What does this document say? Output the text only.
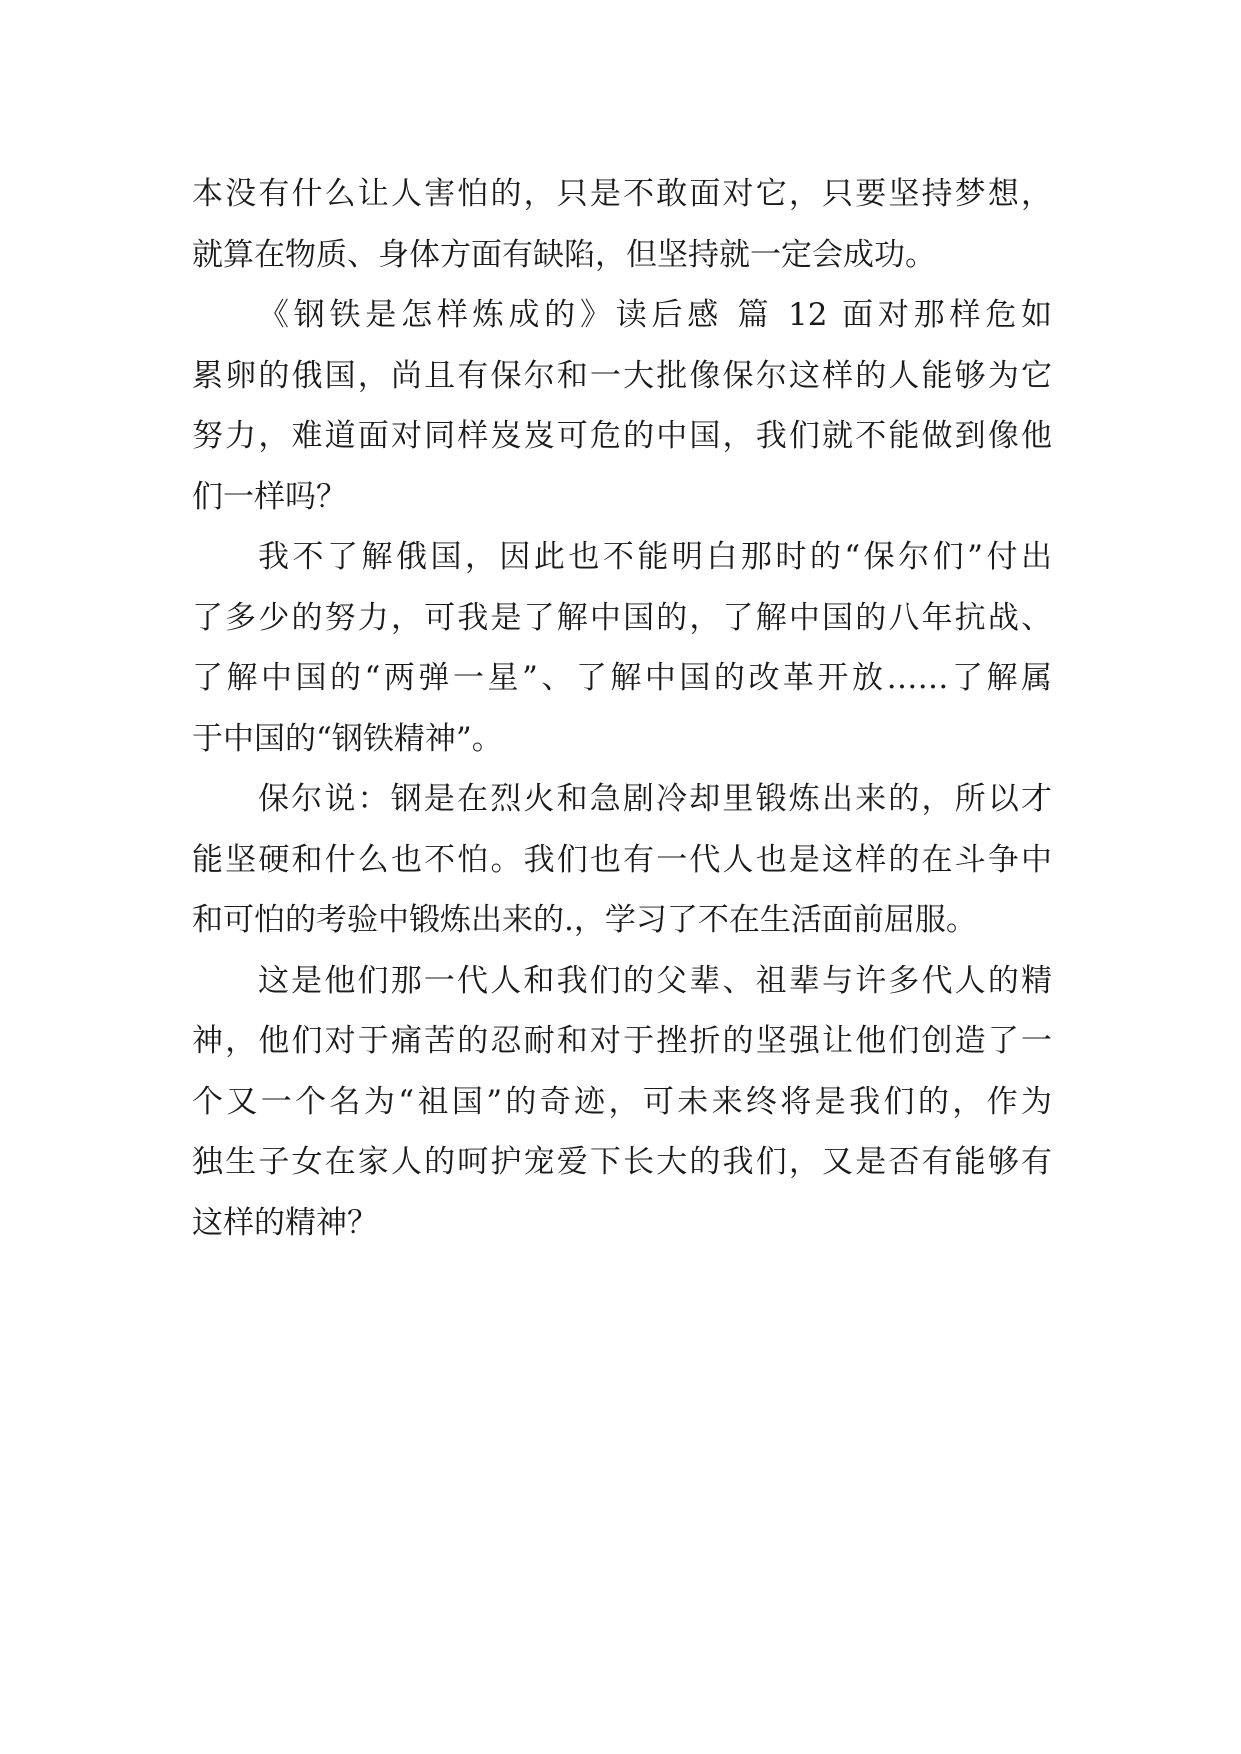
本没有什么让人害怕的，只是不敢面对它，只要坚持梦想，
就算在物质、身体方面有缺陷，但坚持就一定会成功。
《钢铁是怎样炼成的》读后感 篇 12 面对那样危如
累卵的俄国，尚且有保尔和一大批像保尔这样的人能够为它
努力，难道面对同样岌岌可危的中国，我们就不能做到像他
们一样吗？
我不了解俄国，因此也不能明白那时的“保尔们”付出
了多少的努力，可我是了解中国的，了解中国的八年抗战、
了解中国的“两弹一星”、了解中国的改革开放……了解属
于中国的“钢铁精神”。
保尔说：钢是在烈火和急剧冷却里锻炼出来的，所以才
能坚硬和什么也不怕。我们也有一代人也是这样的在斗争中
和可怕的考验中锻炼出来的.，学习了不在生活面前屈服。
这是他们那一代人和我们的父辈、祖辈与许多代人的精
神，他们对于痛苦的忍耐和对于挫折的坚强让他们创造了一
个又一个名为“祖国”的奇迹，可未来终将是我们的，作为
独生子女在家人的呵护宠爱下长大的我们，又是否有能够有
这样的精神？
